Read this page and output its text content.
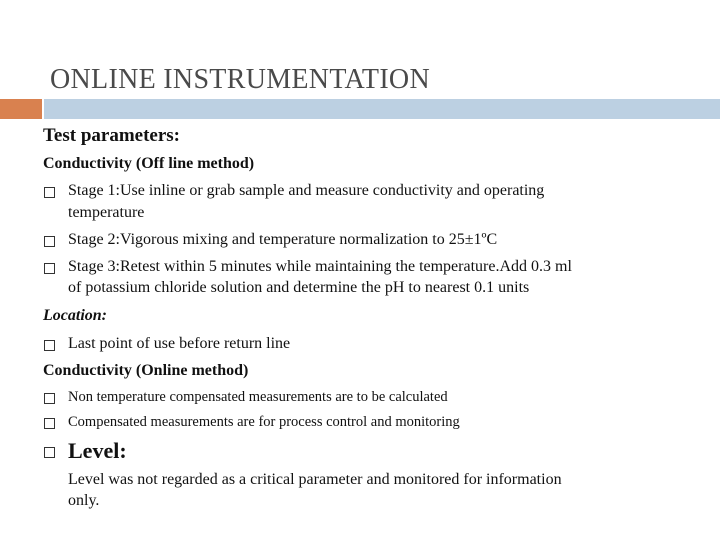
ONLINE INSTRUMENTATION
Test parameters:
Conductivity (Off line method)
Stage 1:Use inline or grab sample and measure conductivity and operating
temperature
Stage 2:Vigorous mixing and temperature normalization to 25±1ºC
Stage 3:Retest within 5 minutes while maintaining the temperature.Add 0.3 ml
of potassium chloride solution and determine the pH to nearest 0.1 units
Location:
Last point of use before return line
Conductivity (Online method)
Non temperature compensated measurements are to be calculated
Compensated measurements are for process control and monitoring
Level:
Level was not regarded as a critical parameter and monitored for information
only.
